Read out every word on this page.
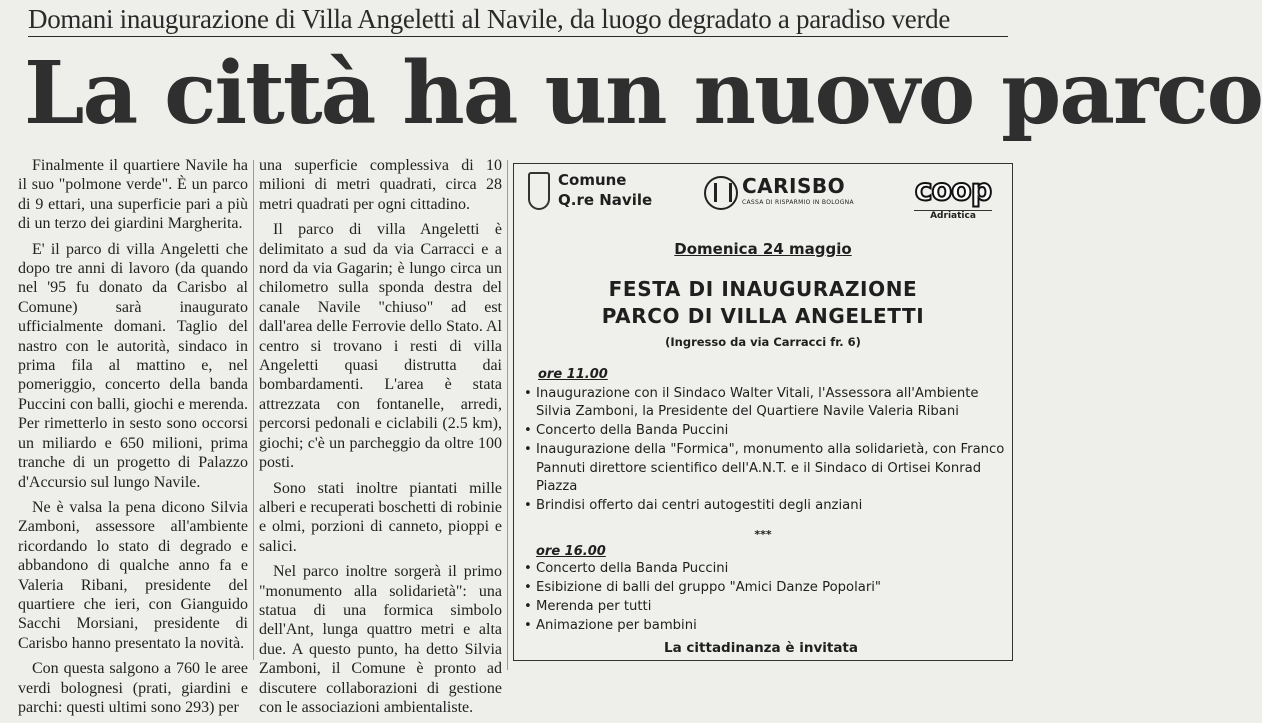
Domani inaugurazione di Villa Angeletti al Navile, da luogo degradato a paradiso verde
La città ha un nuovo parco

Finalmente il quartiere Navile ha il suo "polmone verde". È un parco di 9 ettari, una superficie pari a più di un terzo dei giardini Margherita.

E' il parco di villa Angeletti che dopo tre anni di lavoro (da quando nel '95 fu donato da Carisbo al Comune) sarà inaugurato ufficialmente domani. Taglio del nastro con le autorità, sindaco in prima fila al mattino e, nel pomeriggio, concerto della banda Puccini con balli, giochi e merenda. Per rimetterlo in sesto sono occorsi un miliardo e 650 milioni, prima tranche di un progetto di Palazzo d'Accursio sul lungo Navile.

Ne è valsa la pena dicono Silvia Zamboni, assessore all'ambiente ricordando lo stato di degrado e abbandono di qualche anno fa e Valeria Ribani, presidente del quartiere che ieri, con Gianguido Sacchi Morsiani, presidente di Carisbo hanno presentato la novità.

Con questa salgono a 760 le aree verdi bolognesi (prati, giardini e parchi: questi ultimi sono 293) per

una superficie complessiva di 10 milioni di metri quadrati, circa 28 metri quadrati per ogni cittadino.

Il parco di villa Angeletti è delimitato a sud da via Carracci e a nord da via Gagarin; è lungo circa un chilometro sulla sponda destra del canale Navile "chiuso" ad est dall'area delle Ferrovie dello Stato. Al centro si trovano i resti di villa Angeletti quasi distrutta dai bombardamenti. L'area è stata attrezzata con fontanelle, arredi, percorsi pedonali e ciclabili (2.5 km), giochi; c'è un parcheggio da oltre 100 posti.

Sono stati inoltre piantati mille alberi e recuperati boschetti di robinie e olmi, porzioni di canneto, pioppi e salici.

Nel parco inoltre sorgerà il primo "monumento alla solidarietà": una statua di una formica simbolo dell'Ant, lunga quattro metri e alta due. A questo punto, ha detto Silvia Zamboni, il Comune è pronto ad discutere collaborazioni di gestione con le associazioni ambientaliste.

Comune
Q.re Navile
CARISBO
CASSA DI RISPARMIO IN BOLOGNA coop
Adriatica
Domenica 24 maggio
FESTA DI INAUGURAZIONE
PARCO DI VILLA ANGELETTI
(Ingresso da via Carracci fr. 6)
ore 11.00
• Inaugurazione con il Sindaco Walter Vitali, l'Assessora all'Ambiente Silvia Zamboni, la Presidente del Quartiere Navile Valeria Ribani
• Concerto della Banda Puccini
• Inaugurazione della "Formica", monumento alla solidarietà, con Franco Pannuti direttore scientifico dell'A.N.T. e il Sindaco di Ortisei Konrad Piazza
• Brindisi offerto dai centri autogestiti degli anziani
***
ore 16.00
• Concerto della Banda Puccini
• Esibizione di balli del gruppo "Amici Danze Popolari"
• Merenda per tutti
• Animazione per bambini
La cittadinanza è invitata
